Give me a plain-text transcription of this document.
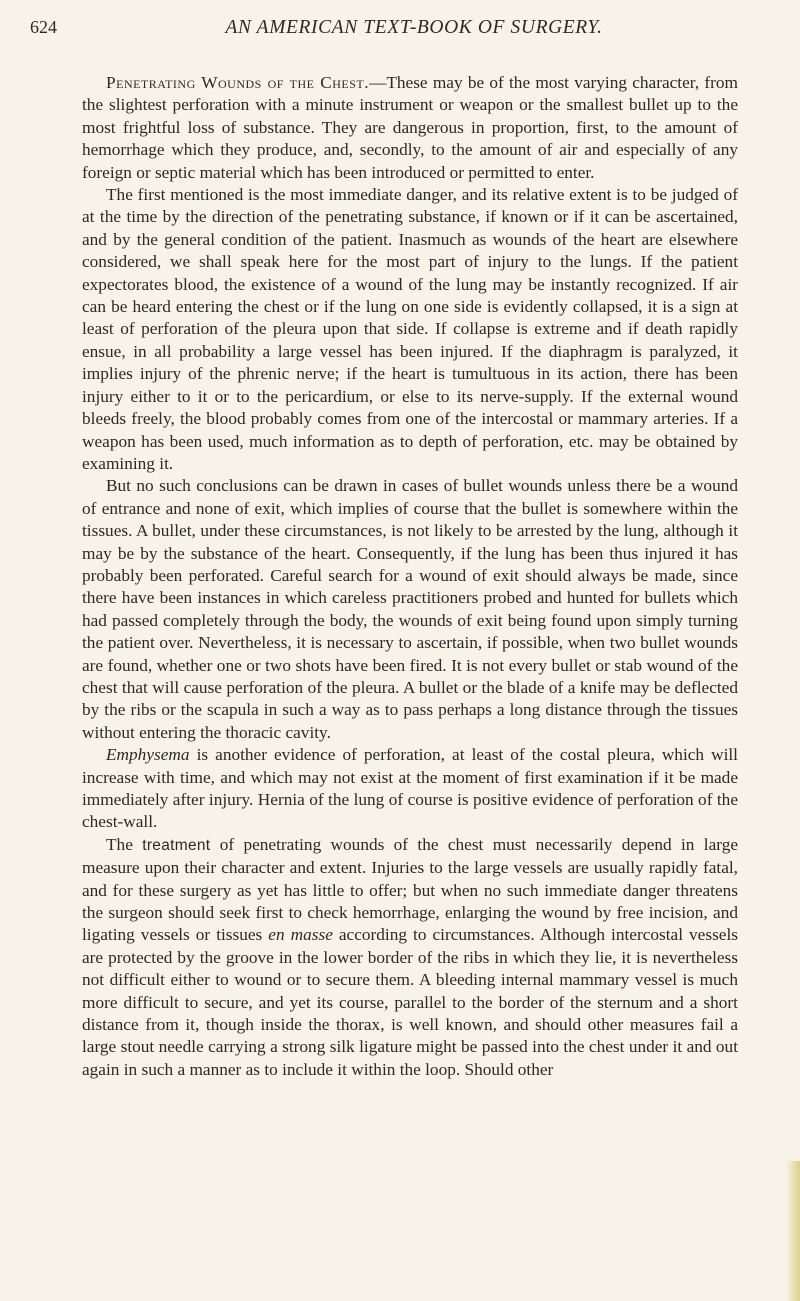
624	AN AMERICAN TEXT-BOOK OF SURGERY.

Penetrating Wounds of the Chest.—These may be of the most varying character, from the slightest perforation with a minute instrument or weapon or the smallest bullet up to the most frightful loss of substance. They are dangerous in proportion, first, to the amount of hemorrhage which they produce, and, secondly, to the amount of air and especially of any foreign or septic material which has been introduced or permitted to enter.

The first mentioned is the most immediate danger, and its relative extent is to be judged of at the time by the direction of the penetrating substance, if known or if it can be ascertained, and by the general condition of the patient. Inasmuch as wounds of the heart are elsewhere considered, we shall speak here for the most part of injury to the lungs. If the patient expectorates blood, the existence of a wound of the lung may be instantly recognized. If air can be heard entering the chest or if the lung on one side is evidently collapsed, it is a sign at least of perforation of the pleura upon that side. If collapse is extreme and if death rapidly ensue, in all probability a large vessel has been injured. If the diaphragm is paralyzed, it implies injury of the phrenic nerve; if the heart is tumultuous in its action, there has been injury either to it or to the pericardium, or else to its nerve-supply. If the external wound bleeds freely, the blood probably comes from one of the intercostal or mammary arteries. If a weapon has been used, much information as to depth of perforation, etc. may be obtained by examining it.

But no such conclusions can be drawn in cases of bullet wounds unless there be a wound of entrance and none of exit, which implies of course that the bullet is somewhere within the tissues. A bullet, under these circumstances, is not likely to be arrested by the lung, although it may be by the substance of the heart. Consequently, if the lung has been thus injured it has probably been perforated. Careful search for a wound of exit should always be made, since there have been instances in which careless practitioners probed and hunted for bullets which had passed completely through the body, the wounds of exit being found upon simply turning the patient over. Nevertheless, it is necessary to ascertain, if possible, when two bullet wounds are found, whether one or two shots have been fired. It is not every bullet or stab wound of the chest that will cause perforation of the pleura. A bullet or the blade of a knife may be deflected by the ribs or the scapula in such a way as to pass perhaps a long distance through the tissues without entering the thoracic cavity.

Emphysema is another evidence of perforation, at least of the costal pleura, which will increase with time, and which may not exist at the moment of first examination if it be made immediately after injury. Hernia of the lung of course is positive evidence of perforation of the chest-wall.

The treatment of penetrating wounds of the chest must necessarily depend in large measure upon their character and extent. Injuries to the large vessels are usually rapidly fatal, and for these surgery as yet has little to offer; but when no such immediate danger threatens the surgeon should seek first to check hemorrhage, enlarging the wound by free incision, and ligating vessels or tissues en masse according to circumstances. Although intercostal vessels are protected by the groove in the lower border of the ribs in which they lie, it is nevertheless not difficult either to wound or to secure them. A bleeding internal mammary vessel is much more difficult to secure, and yet its course, parallel to the border of the sternum and a short distance from it, though inside the thorax, is well known, and should other measures fail a large stout needle carrying a strong silk ligature might be passed into the chest under it and out again in such a manner as to include it within the loop. Should other
